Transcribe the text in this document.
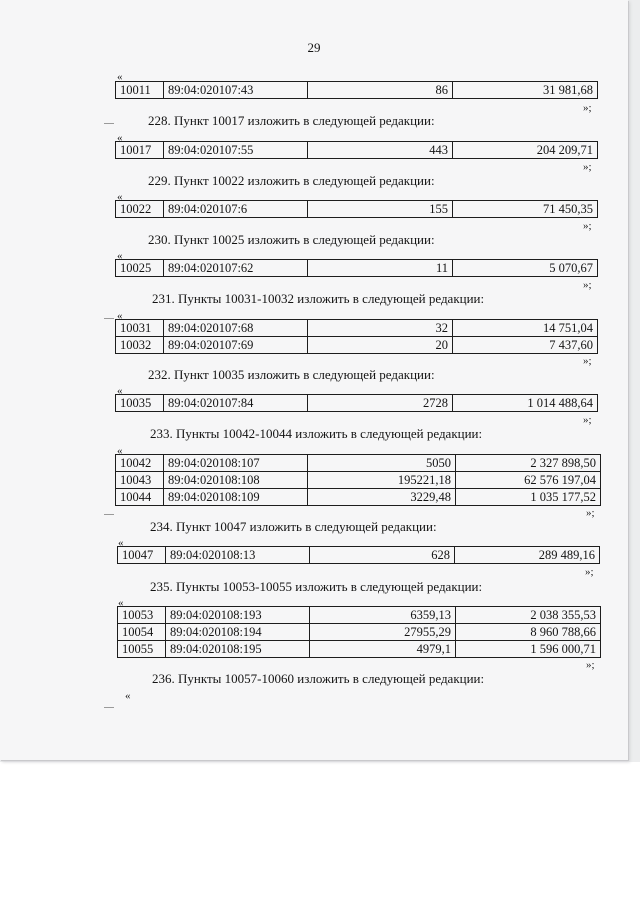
29
«
10011	89:04:020107:43	86	31 981,68
»;
228. Пункт 10017 изложить в следующей редакции:
«
10017	89:04:020107:55	443	204 209,71
»;
229. Пункт 10022 изложить в следующей редакции:
«
10022	89:04:020107:6	155	71 450,35
»;
230. Пункт 10025 изложить в следующей редакции:
«
10025	89:04:020107:62	11	5 070,67
»;
231. Пункты 10031-10032 изложить в следующей редакции:
«
10031	89:04:020107:68	32	14 751,04
10032	89:04:020107:69	20	7 437,60
»;
232. Пункт 10035 изложить в следующей редакции:
«
10035	89:04:020107:84	2728	1 014 488,64
»;
233. Пункты 10042-10044 изложить в следующей редакции:
«
10042	89:04:020108:107	5050	2 327 898,50
10043	89:04:020108:108	195221,18	62 576 197,04
10044	89:04:020108:109	3229,48	1 035 177,52
»;
234. Пункт 10047 изложить в следующей редакции:
«
10047	89:04:020108:13	628	289 489,16
»;
235. Пункты 10053-10055 изложить в следующей редакции:
«
10053	89:04:020108:193	6359,13	2 038 355,53
10054	89:04:020108:194	27955,29	8 960 788,66
10055	89:04:020108:195	4979,1	1 596 000,71
»;
236. Пункты 10057-10060 изложить в следующей редакции:
«
